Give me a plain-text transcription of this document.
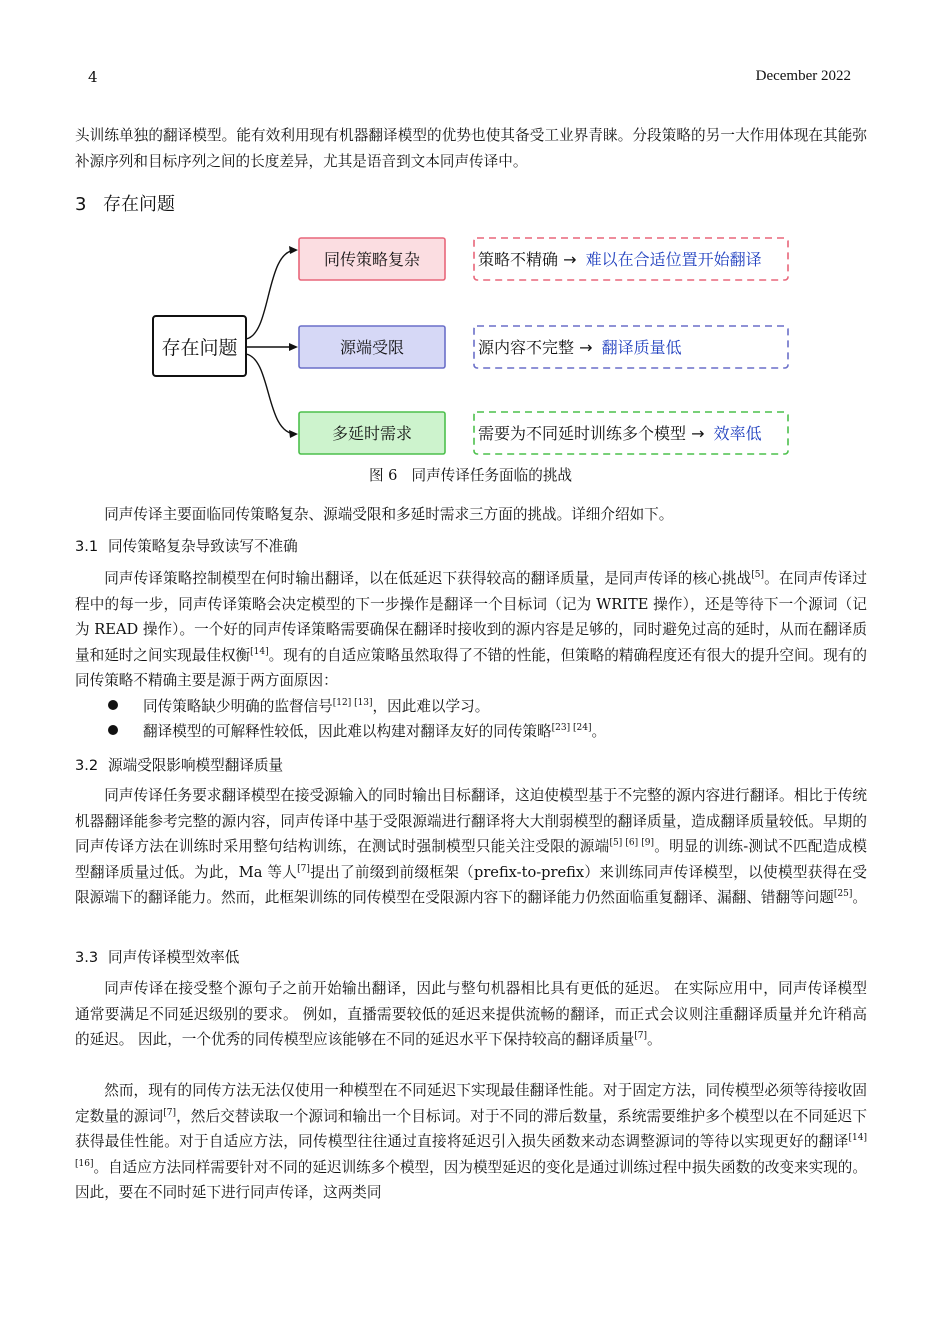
4	December 2022
头训练单独的翻译模型。能有效利用现有机器翻译模型的优势也使其备受工业界青睐。分段策略的另一大作用体现在其能弥补源序列和目标序列之间的长度差异，尤其是语音到文本同声传译中。
3 存在问题
存在问题
同传策略复杂
源端受限
多延时需求
策略不精确 → 难以在合适位置开始翻译
源内容不完整 → 翻译质量低
需要为不同延时训练多个模型 → 效率低
图 6 同声传译任务面临的挑战
同声传译主要面临同传策略复杂、源端受限和多延时需求三方面的挑战。详细介绍如下。
3.1 同传策略复杂导致读写不准确
同声传译策略控制模型在何时输出翻译，以在低延迟下获得较高的翻译质量，是同声传译的核心挑战[5]。在同声传译过程中的每一步，同声传译策略会决定模型的下一步操作是翻译一个目标词（记为 WRITE 操作），还是等待下一个源词（记为 READ 操作）。一个好的同声传译策略需要确保在翻译时接收到的源内容是足够的，同时避免过高的延时，从而在翻译质量和延时之间实现最佳权衡[14]。现有的自适应策略虽然取得了不错的性能，但策略的精确程度还有很大的提升空间。现有的同传策略不精确主要是源于两方面原因：
同传策略缺少明确的监督信号[12] [13]，因此难以学习。
翻译模型的可解释性较低，因此难以构建对翻译友好的同传策略[23] [24]。
3.2 源端受限影响模型翻译质量
同声传译任务要求翻译模型在接受源输入的同时输出目标翻译，这迫使模型基于不完整的源内容进行翻译。相比于传统机器翻译能参考完整的源内容，同声传译中基于受限源端进行翻译将大大削弱模型的翻译质量，造成翻译质量较低。早期的同声传译方法在训练时采用整句结构训练，在测试时强制模型只能关注受限的源端[5] [6] [9]。明显的训练-测试不匹配造成模型翻译质量过低。为此，Ma 等人[7]提出了前缀到前缀框架（prefix-to-prefix）来训练同声传译模型，以使模型获得在受限源端下的翻译能力。然而，此框架训练的同传模型在受限源内容下的翻译能力仍然面临重复翻译、漏翻、错翻等问题[25]。
3.3 同声传译模型效率低
同声传译在接受整个源句子之前开始输出翻译，因此与整句机器相比具有更低的延迟。 在实际应用中，同声传译模型通常要满足不同延迟级别的要求。 例如，直播需要较低的延迟来提供流畅的翻译，而正式会议则注重翻译质量并允许稍高的延迟。 因此，一个优秀的同传模型应该能够在不同的延迟水平下保持较高的翻译质量[7]。
然而，现有的同传方法无法仅使用一种模型在不同延迟下实现最佳翻译性能。对于固定方法，同传模型必须等待接收固定数量的源词[7]，然后交替读取一个源词和输出一个目标词。对于不同的滞后数量，系统需要维护多个模型以在不同延迟下获得最佳性能。对于自适应方法，同传模型往往通过直接将延迟引入损失函数来动态调整源词的等待以实现更好的翻译[14] [16]。自适应方法同样需要针对不同的延迟训练多个模型，因为模型延迟的变化是通过训练过程中损失函数的改变来实现的。因此，要在不同时延下进行同声传译，这两类同
